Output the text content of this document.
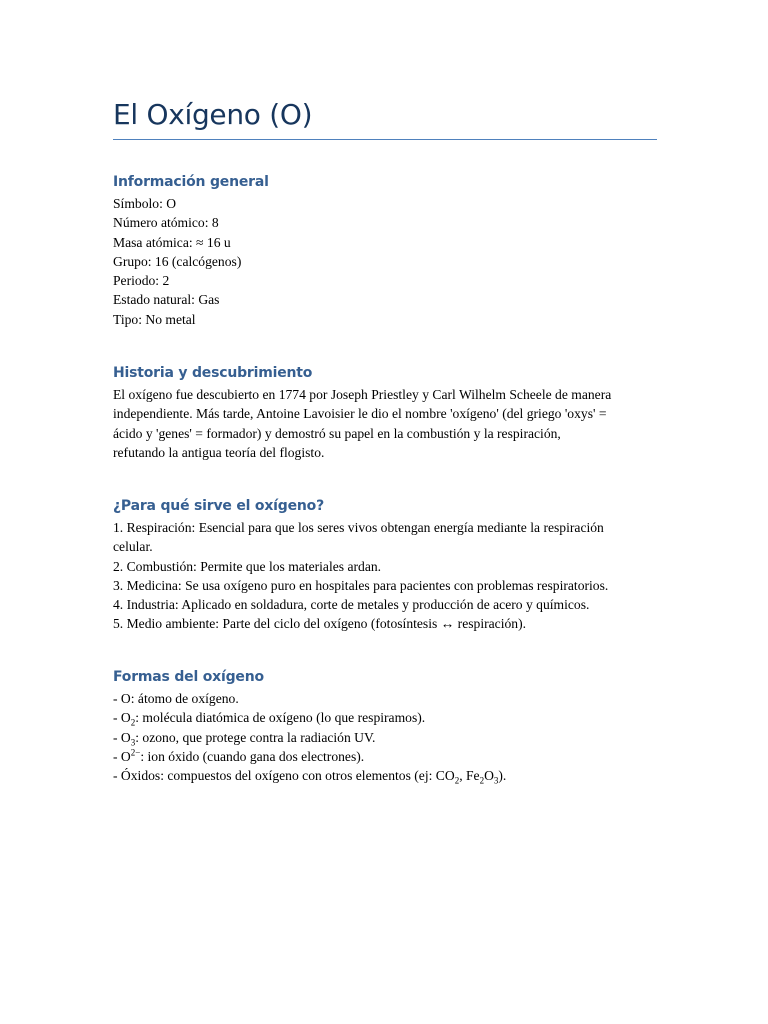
El Oxígeno (O)
Información general
Símbolo: O
Número atómico: 8
Masa atómica: ≈ 16 u
Grupo: 16 (calcógenos)
Periodo: 2
Estado natural: Gas
Tipo: No metal
Historia y descubrimiento
El oxígeno fue descubierto en 1774 por Joseph Priestley y Carl Wilhelm Scheele de manera
independiente. Más tarde, Antoine Lavoisier le dio el nombre 'oxígeno' (del griego 'oxys' =
ácido y 'genes' = formador) y demostró su papel en la combustión y la respiración,
refutando la antigua teoría del flogisto.
¿Para qué sirve el oxígeno?
1. Respiración: Esencial para que los seres vivos obtengan energía mediante la respiración
celular.
2. Combustión: Permite que los materiales ardan.
3. Medicina: Se usa oxígeno puro en hospitales para pacientes con problemas respiratorios.
4. Industria: Aplicado en soldadura, corte de metales y producción de acero y químicos.
5. Medio ambiente: Parte del ciclo del oxígeno (fotosíntesis ↔ respiración).
Formas del oxígeno
- O: átomo de oxígeno.
- $O_2$: molécula diatómica de oxígeno (lo que respiramos).
- $O_3$: ozono, que protege contra la radiación UV.
- $O^{2-}$: ion óxido (cuando gana dos electrones).
- Óxidos: compuestos del oxígeno con otros elementos (ej: $CO_2$, $Fe_2O_3$).
